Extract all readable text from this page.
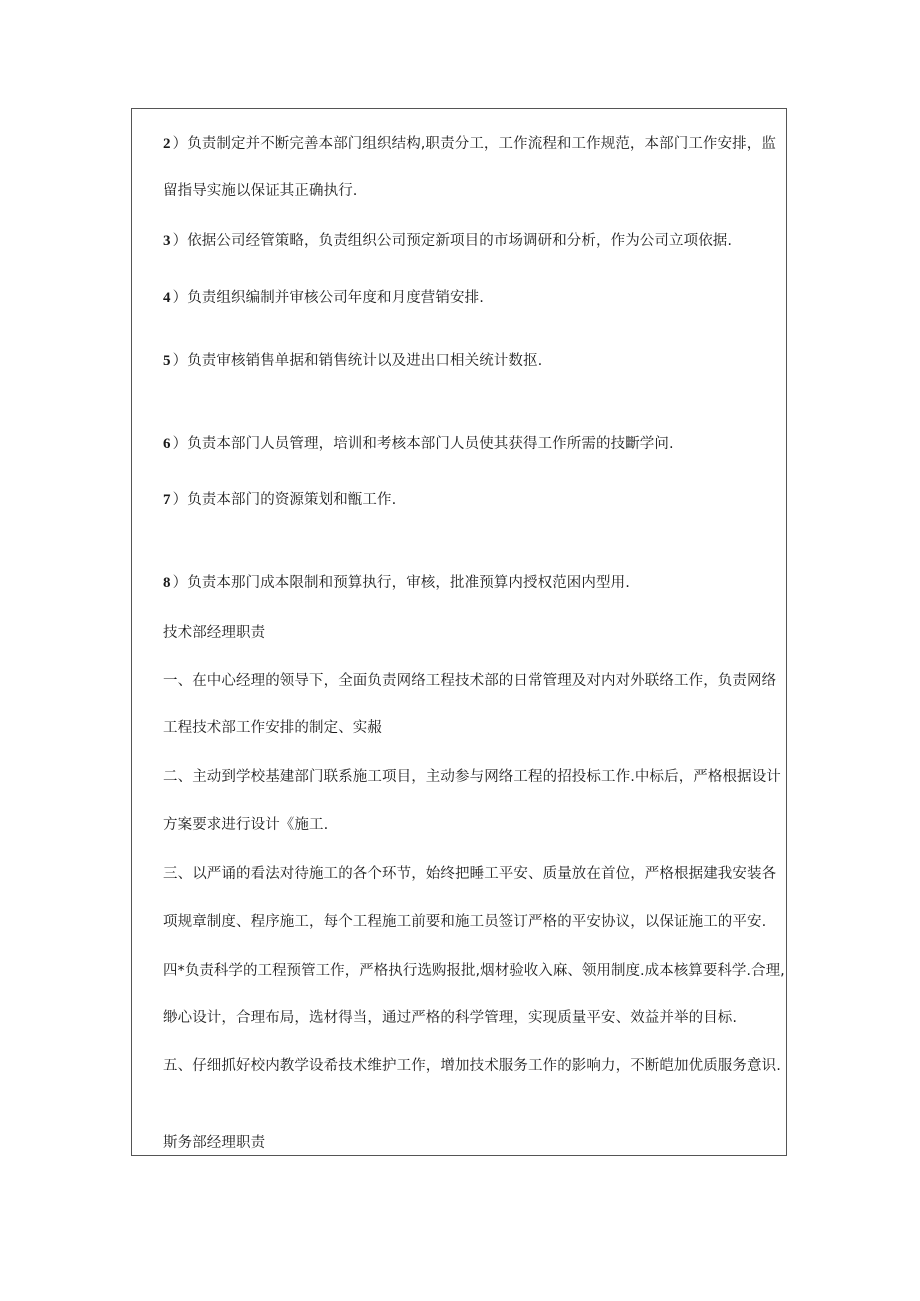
2 ）负责制定并不断完善本部门组织结构,职责分工，工作流程和工作规范，本部门工作安排，监

留指导实施以保证其正确执行.

3 ）依据公司经管策略，负责组织公司预定新项目的市场调研和分析，作为公司立项依据.

4 ）负责组织编制并审核公司年度和月度营销安排.

5 ）负责审核销售单据和销售统计以及进出口相关统计数抠.

6 ）负责本部门人员管理，培训和考核本部门人员使其获得工作所需的技斷学问.

7 ）负责本部门的资源策划和甑工作.

8 ）负责本那门成本限制和预算执行，审核，批准预算内授权范困内型用.

技术部经理职责

一、在中心经理的领导下，全面负责网络工程技术部的日常管理及对内对外联络工作，负责网络

工程技术部工作安排的制定、实赧

二、主动到学校基建部门联系施工项目，主动参与网络工程的招投标工作.中标后，严格根据设计

方案要求进行设计《施工.

三、以严诵的看法对待施工的各个环节，始终把睡工平安、质量放在首位，严格根据建我安装各

项规章制度、程序施工，每个工程施工前要和施工员签订严格的平安协议，以保证施工的平安.

四*负责科学的工程预管工作，严格执行选购报批,烟材验收入麻、领用制度.成本核算要科学.合理,

缈心设计，合理布局，选材得当，通过严格的科学管理，实现质量平安、效益并举的目标.

五、仔细抓好校内教学设希技术维护工作，增加技术服务工作的影响力，不断皑加优质服务意识.

斯务部经理职责
